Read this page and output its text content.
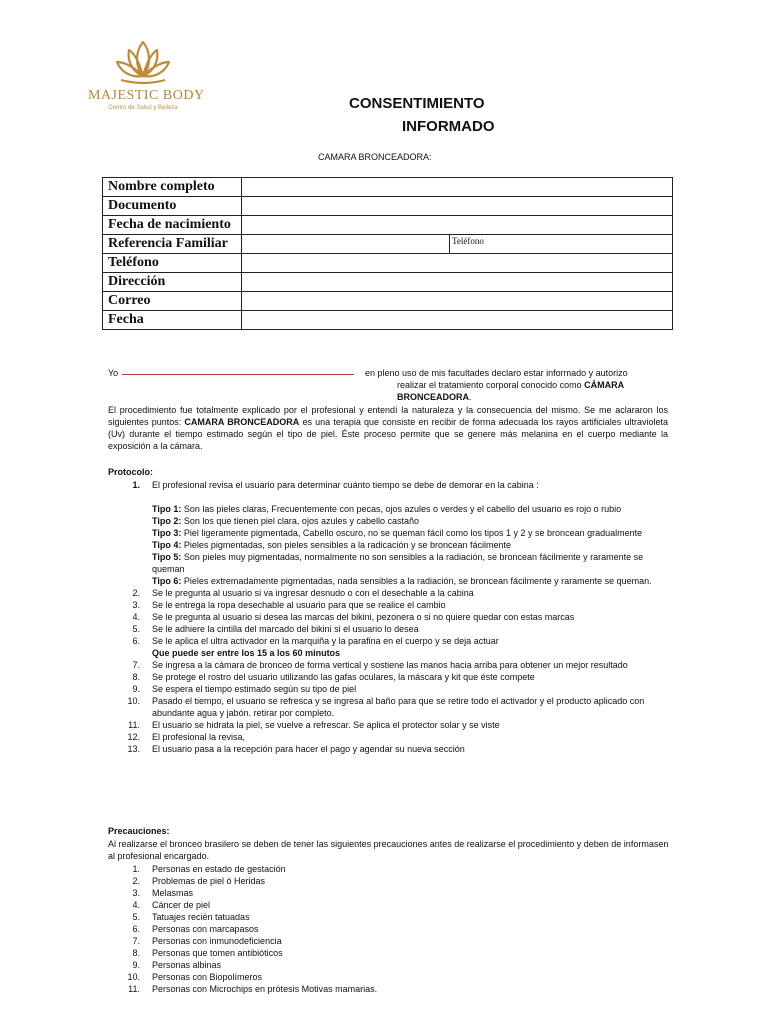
MAJESTIC BODY
Centro de Salud y Belleza	CONSENTIMIENTO
INFORMADO
CAMARA BRONCEADORA:
Nombre completo	
Documento	
Fecha de nacimiento	
Referencia Familiar	Teléfono

Teléfono	
Dirección	
Correo	
Fecha	
Yo	en pleno uso de mis facultades declaro estar informado y autorizo
realizar el tratamiento corporal conocido como CÁMARA
BRONCEADORA.
El procedimiento fue totalmente explicado por el profesional y entendí la naturaleza y la consecuencia del mismo. Se me aclararon los siguientes puntos: CAMARA BRONCEADORA es una terapia que consiste en recibir de forma adecuada los rayos artificiales ultravioleta (Uv) durante el tiempo estimado según el tipo de piel. Éste proceso permite que se genere más melanina en el cuerpo mediante la exposición a la cámara.
Protocolo:
1. El profesional revisa el usuario para determinar cuánto tiempo se debe de demorar en la cabina :
Tipo 1: Son las pieles claras, Frecuentemente con pecas, ojos azules o verdes y el cabello del usuario es rojo o rubio
Tipo 2: Son los que tienen piel clara, ojos azules y cabello castaño
Tipo 3: Piel ligeramente pigmentada, Cabello oscuro, no se queman fácil como los tipos 1 y 2 y se broncean gradualmente
Tipo 4: Pieles pigmentadas, son pieles sensibles a la radicación y se broncean fácilmente
Tipo 5: Son pieles muy pigmentadas, normalmente no son sensibles a la radiación, se broncean fácilmente y raramente se queman
Tipo 6: Pieles extremadamente pigmentadas, nada sensibles a la radiación, se broncean fácilmente y raramente se queman.
2. Se le pregunta al usuario si va ingresar desnudo o con el desechable a la cabina
3. Se le entrega la ropa desechable al usuario para que se realice el cambio
4. Se le pregunta al usuario si desea las marcas del bikini, pezonera o si no quiere quedar con estas marcas
5. Se le adhiere la cintilla del marcado del bikini si el usuario lo desea
6. Se le aplica el ultra activador en la marquiña y la parafina en el cuerpo y se deja actuar
Que puede ser entre los 15 a los 60 minutos
7. Se ingresa a la cámara de bronceo de forma vertical y sostiene las manos hacia arriba para obtener un mejor resultado
8. Se protege el rostro del usuario utilizando las gafas oculares, la máscara y kit que éste compete
9. Se espera el tiempo estimado según su tipo de piel
10. Pasado el tiempo, el usuario se refresca y se ingresa al baño para que se retire todo el activador y el producto aplicado con abundante agua y jabón. retirar por completo.
11. El usuario se hidrata la piel, se vuelve a refrescar. Se aplica el protector solar y se viste
12. El profesional la revisa,
13. El usuario pasa a la recepción para hacer el pago y agendar su nueva sección
Precauciones:
Al realizarse el bronceo brasilero se deben de tener las siguientes precauciones antes de realizarse el procedimiento y deben de informasen al profesional encargado.
1. Personas en estado de gestación
2. Problemas de piel ó Heridas
3. Melasmas
4. Cáncer de piel
5. Tatuajes recién tatuadas
6. Personas con marcapasos
7. Personas con inmunodeficiencia
8. Personas que tomen antibióticos
9. Personas albinas
10. Personas con Biopolímeros
11. Personas con Microchips en prótesis Motivas mamarias.
